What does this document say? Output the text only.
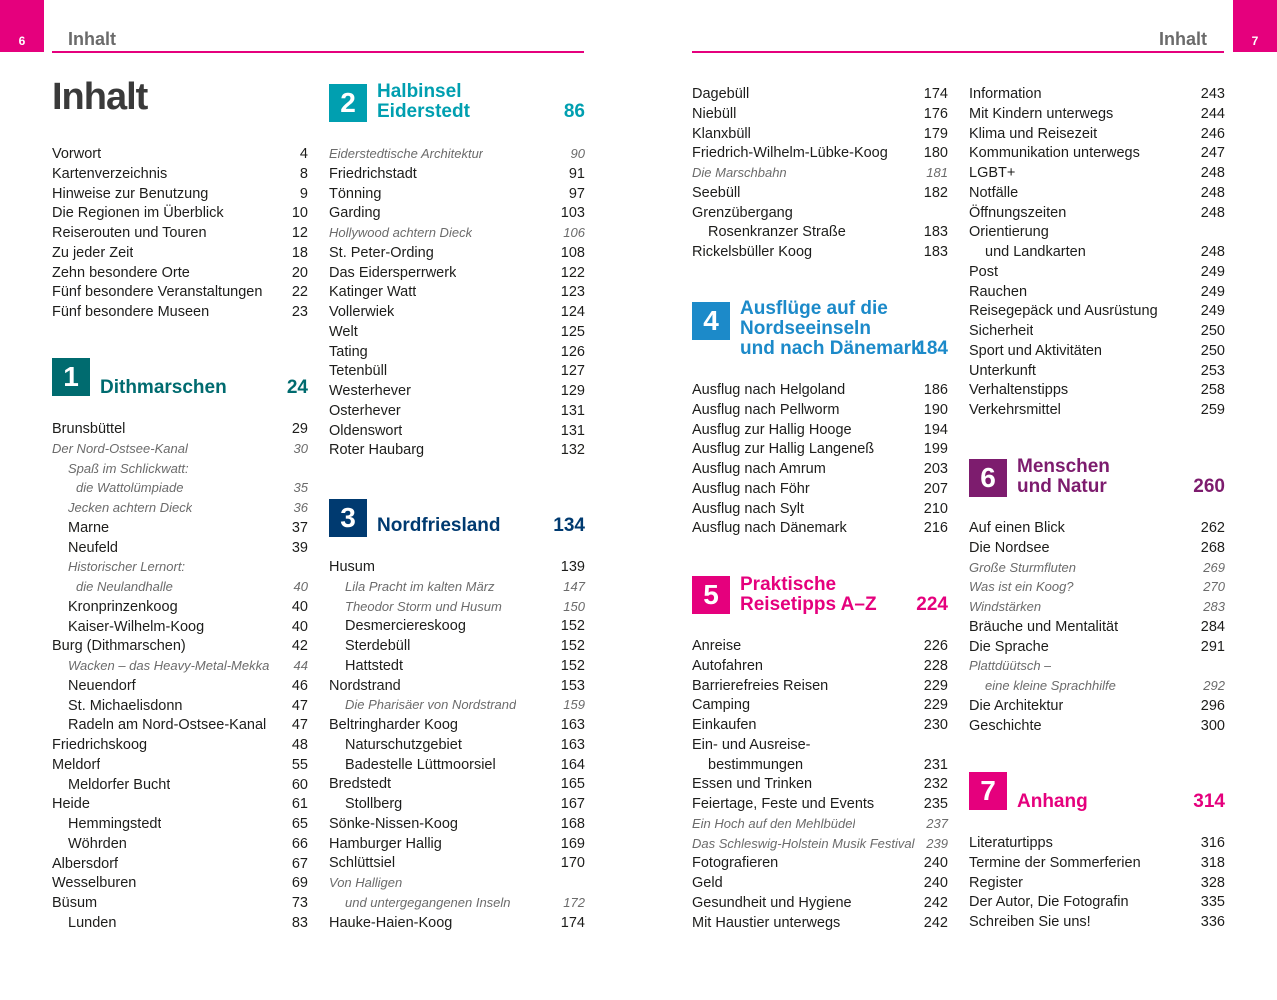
6	7
Inhalt	Inhalt
Inhalt
1	Dithmarschen	24
Vorwort	4
Kartenverzeichnis	8
Hinweise zur Benutzung	9
Die Regionen im Überblick	10
Reiserouten und Touren	12
Zu jeder Zeit	18
Zehn besondere Orte	20
Fünf besondere Veranstaltungen 22
Fünf besondere Museen	23
Brunsbüttel	29
Der Nord-Ostsee-Kanal	30
Spaß im Schlickwatt:
die Wattolümpiade	35
Jecken achtern Dieck	36
Marne	37
Neufeld	39
Historischer Lernort:
die Neulandhalle	40
Kronprinzenkoog	40
Kaiser-Wilhelm-Koog	40
Burg (Dithmarschen)	42
Wacken – das Heavy-Metal-Mekka 44
Neuendorf	46
St. Michaelisdonn	47
Radeln am Nord-Ostsee-Kanal 47
Friedrichskoog	48
Meldorf	55
Meldorfer Bucht	60
Heide	61
Hemmingstedt	65
Wöhrden	66
Albersdorf	67
Wesselburen	69
Büsum	73
Lunden	83
2	Halbinsel
Eiderstedt	86
3	Nordfriesland	134
Eiderstedtische Architektur	90
Friedrichstadt	91
Tönning	97
Garding	103
Hollywood achtern Dieck	106
St. Peter-Ording	108
Das Eidersperrwerk	122
Katinger Watt	123
Vollerwiek	124
Welt	125
Tating	126
Tetenbüll	127
Westerhever	129
Osterhever	131
Oldenswort	131
Roter Haubarg	132
Husum	139
Lila Pracht im kalten März	147
Theodor Storm und Husum	150
Desmerciereskoog	152
Sterdebüll	152
Hattstedt	152
Nordstrand	153
Die Pharisäer von Nordstrand	159
Beltringharder Koog	163
Naturschutzgebiet	163
Badestelle Lüttmoorsiel	164
Bredstedt	165
Stollberg	167
Sönke-Nissen-Koog	168
Hamburger Hallig	169
Schlüttsiel	170
Von Halligen
und untergegangenen Inseln	172
Hauke-Haien-Koog	174
4	Ausflüge auf die
Nordseeinseln
und nach Dänemark
184
5	Praktische
Reisetipps A–Z 224
Dagebüll	174
Niebüll	176
Klanxbüll	179
Friedrich-Wilhelm-Lübke-Koog 180
Die Marschbahn	181
Seebüll	182
Grenzübergang
Rosenkranzer Straße	183
Rickelsbüller Koog	183
Ausflug nach Helgoland	186
Ausflug nach Pellworm	190
Ausflug zur Hallig Hooge	194
Ausflug zur Hallig Langeneß	199
Ausflug nach Amrum	203
Ausflug nach Föhr	207
Ausflug nach Sylt	210
Ausflug nach Dänemark	216
Anreise	226
Autofahren	228
Barrierefreies Reisen	229
Camping	229
Einkaufen	230
Ein- und Ausreise-
bestimmungen	231
Essen und Trinken	232
Feiertage, Feste und Events	235
Ein Hoch auf den Mehlbüdel	237
Das Schleswig-Holstein Musik Festival 239
Fotografieren	240
Geld	240
Gesundheit und Hygiene	242
Mit Haustier unterwegs	242
6	Menschen
und Natur	260
7	Anhang	314
Information	243
Mit Kindern unterwegs	244
Klima und Reisezeit	246
Kommunikation unterwegs	247
LGBT+	248
Notfälle	248
Öffnungszeiten	248
Orientierung
und Landkarten	248
Post	249
Rauchen	249
Reisegepäck und Ausrüstung	249
Sicherheit	250
Sport und Aktivitäten	250
Unterkunft	253
Verhaltenstipps	258
Verkehrsmittel	259
Auf einen Blick	262
Die Nordsee	268
Große Sturmfluten	269
Was ist ein Koog?	270
Windstärken	283
Bräuche und Mentalität	284
Die Sprache	291
Plattdüütsch –
eine kleine Sprachhilfe	292
Die Architektur	296
Geschichte	300
Literaturtipps	316
Termine der Sommerferien	318
Register	328
Der Autor, Die Fotografin	335
Schreiben Sie uns!	336
